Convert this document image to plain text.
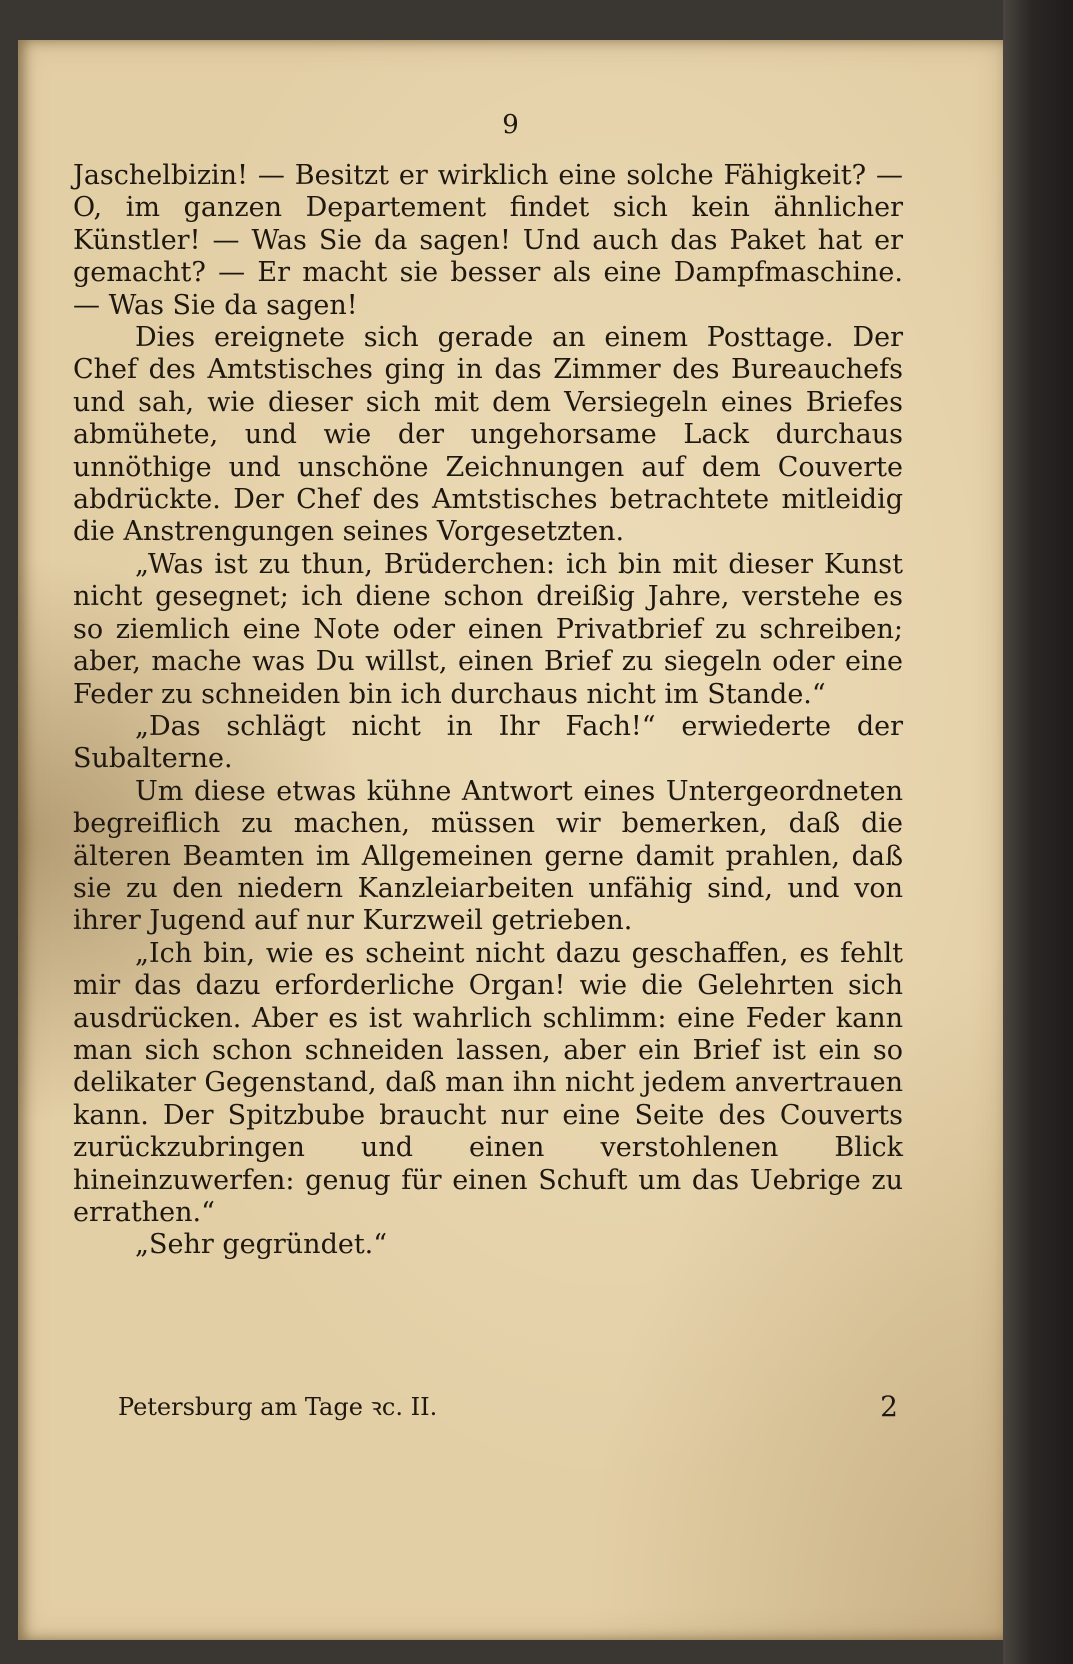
9

Jaschelbizin! — Besitzt er wirklich eine solche Fähigkeit? — O, im ganzen Departement findet sich kein ähnlicher Künstler! — Was Sie da sagen! Und auch das Paket hat er gemacht? — Er macht sie besser als eine Dampfmaschine. — Was Sie da sagen!

Dies ereignete sich gerade an einem Posttage. Der Chef des Amtstisches ging in das Zimmer des Bureauchefs und sah, wie dieser sich mit dem Versiegeln eines Briefes abmühete, und wie der ungehorsame Lack durchaus unnöthige und unschöne Zeichnungen auf dem Couverte abdrückte. Der Chef des Amtstisches betrachtete mitleidig die Anstrengungen seines Vorgesetzten.

„Was ist zu thun, Brüderchen: ich bin mit dieser Kunst nicht gesegnet; ich diene schon dreißig Jahre, verstehe es so ziemlich eine Note oder einen Privatbrief zu schreiben; aber, mache was Du willst, einen Brief zu siegeln oder eine Feder zu schneiden bin ich durchaus nicht im Stande.“

„Das schlägt nicht in Ihr Fach!“ erwiederte der Subalterne.

Um diese etwas kühne Antwort eines Untergeordneten begreiflich zu machen, müssen wir bemerken, daß die älteren Beamten im Allgemeinen gerne damit prahlen, daß sie zu den niedern Kanzleiarbeiten unfähig sind, und von ihrer Jugend auf nur Kurzweil getrieben.

„Ich bin, wie es scheint nicht dazu geschaffen, es fehlt mir das dazu erforderliche Organ! wie die Gelehrten sich ausdrücken. Aber es ist wahrlich schlimm: eine Feder kann man sich schon schneiden lassen, aber ein Brief ist ein so delikater Gegenstand, daß man ihn nicht jedem anvertrauen kann. Der Spitzbube braucht nur eine Seite des Couverts zurückzubringen und einen verstohlenen Blick hineinzuwerfen: genug für einen Schuft um das Uebrige zu errathen.“

„Sehr gegründet.“

Petersburg am Tage ꝛc. II.	2
